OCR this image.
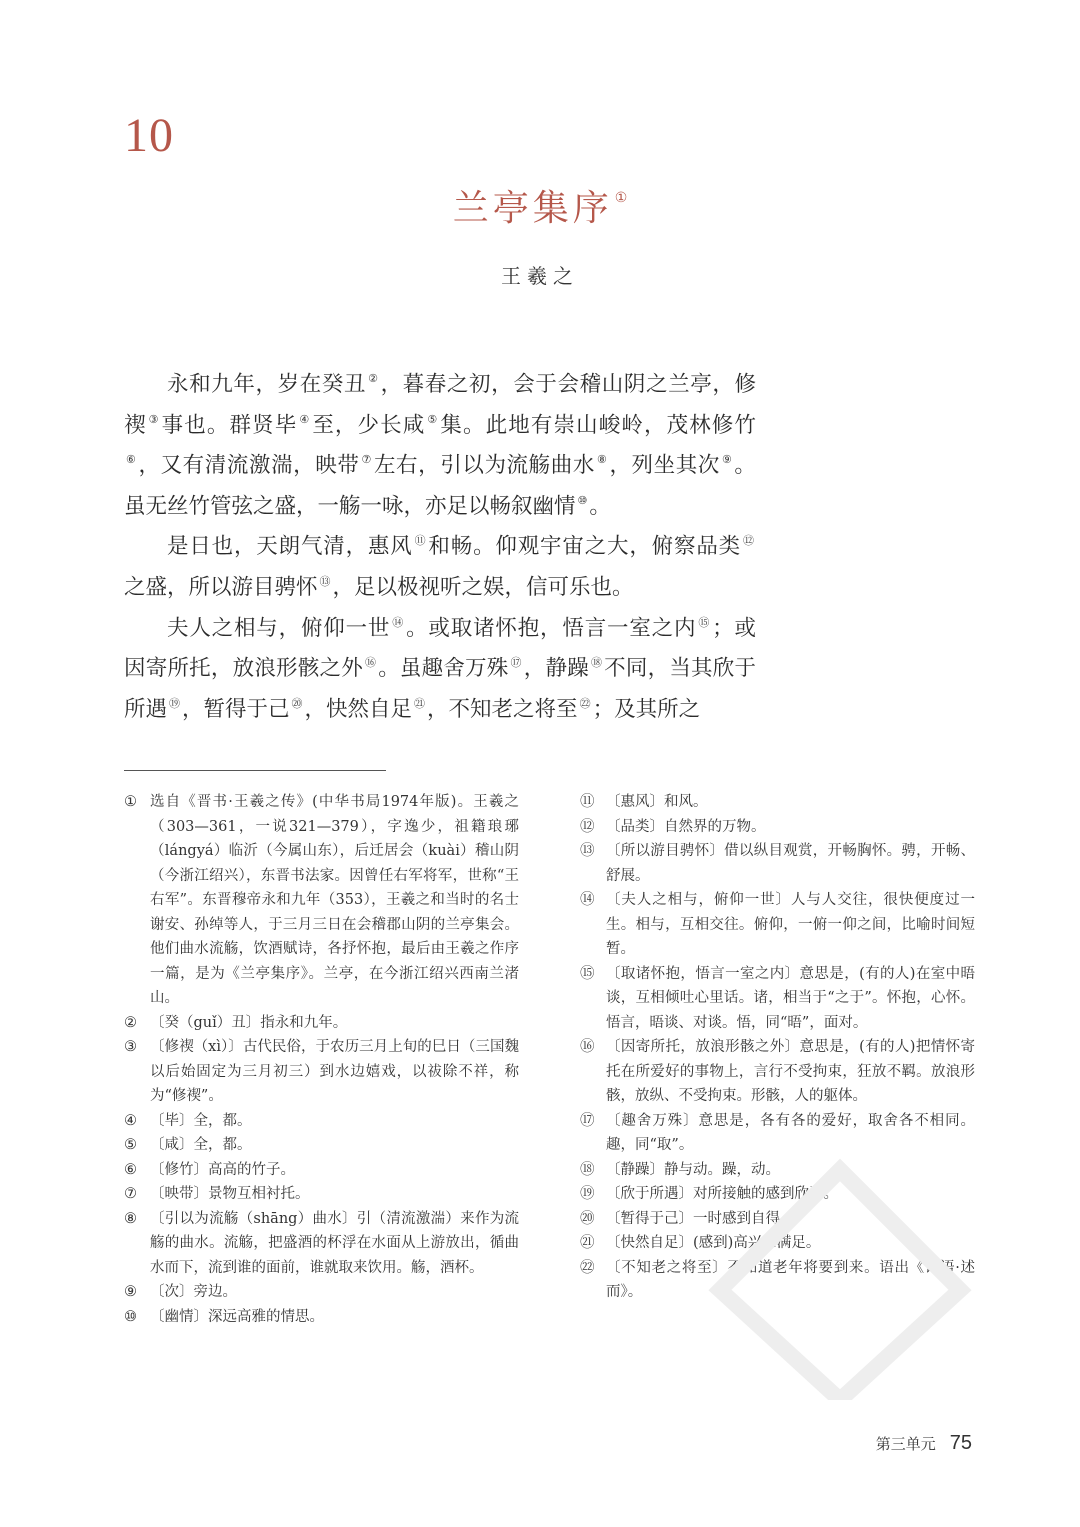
10
兰亭集序 ①
王羲之

永和九年，岁在癸丑 ②，暮春之初，会于会稽山阴之兰亭，修禊 ③事也。群贤毕 ④至，少长咸 ⑤集。此地有崇山峻岭，茂林修竹⑥，又有清流激湍，映带 ⑦左右，引以为流觞曲水 ⑧，列坐其次 ⑨。虽无丝竹管弦之盛，一觞一咏，亦足以畅叙幽情 ⑩。

是日也，天朗气清，惠风 ⑪和畅。仰观宇宙之大，俯察品类 ⑫之盛，所以游目骋怀 ⑬，足以极视听之娱，信可乐也。

夫人之相与，俯仰一世 ⑭。或取诸怀抱，悟言一室之内 ⑮；或因寄所托，放浪形骸之外 ⑯。虽趣舍万殊 ⑰，静躁 ⑱不同，当其欣于所遇 ⑲，暂得于己 ⑳，快然自足 $^㉑$，不知老之将至 $^㉒$；及其所之

① 选自《晋书·王羲之传》(中华书局1974年版)。王羲之（303—361，一说321—379），字逸少，祖籍琅琊（lángyá）临沂（今属山东），后迁居会（kuài）稽山阴（今浙江绍兴），东晋书法家。因曾任右军将军，世称“王右军”。东晋穆帝永和九年（353），王羲之和当时的名士谢安、孙绰等人，于三月三日在会稽郡山阴的兰亭集会。他们曲水流觞，饮酒赋诗，各抒怀抱，最后由王羲之作序一篇，是为《兰亭集序》。兰亭，在今浙江绍兴西南兰渚山。
② 〔癸（guǐ）丑〕指永和九年。
③ 〔修禊（xì）〕古代民俗，于农历三月上旬的巳日（三国魏以后始固定为三月初三）到水边嬉戏，以祓除不祥，称为“修禊”。
④ 〔毕〕全，都。
⑤ 〔咸〕全，都。
⑥ 〔修竹〕高高的竹子。
⑦ 〔映带〕景物互相衬托。
⑧ 〔引以为流觞（shāng）曲水〕引（清流激湍）来作为流觞的曲水。流觞，把盛酒的杯浮在水面从上游放出，循曲水而下，流到谁的面前，谁就取来饮用。觞，酒杯。
⑨ 〔次〕旁边。
⑩ 〔幽情〕深远高雅的情思。
⑪ 〔惠风〕和风。
⑫ 〔品类〕自然界的万物。
⑬ 〔所以游目骋怀〕借以纵目观赏，开畅胸怀。骋，开畅、舒展。
⑭ 〔夫人之相与，俯仰一世〕人与人交往，很快便度过一生。相与，互相交往。俯仰，一俯一仰之间，比喻时间短暂。
⑮ 〔取诸怀抱，悟言一室之内〕意思是，(有的人)在室中晤谈，互相倾吐心里话。诸，相当于“之于”。怀抱，心怀。悟言，晤谈、对谈。悟，同“晤”，面对。
⑯ 〔因寄所托，放浪形骸之外〕意思是，(有的人)把情怀寄托在所爱好的事物上，言行不受拘束，狂放不羁。放浪形骸，放纵、不受拘束。形骸，人的躯体。
⑰ 〔趣舍万殊〕意思是，各有各的爱好，取舍各不相同。趣，同“取”。
⑱ 〔静躁〕静与动。躁，动。
⑲ 〔欣于所遇〕对所接触的感到欣喜。
⑳ 〔暂得于己〕一时感到自得。
㉑ 〔快然自足〕(感到)高兴和满足。
㉒ 〔不知老之将至〕不知道老年将要到来。语出《论语·述而》。
第三单元 75
